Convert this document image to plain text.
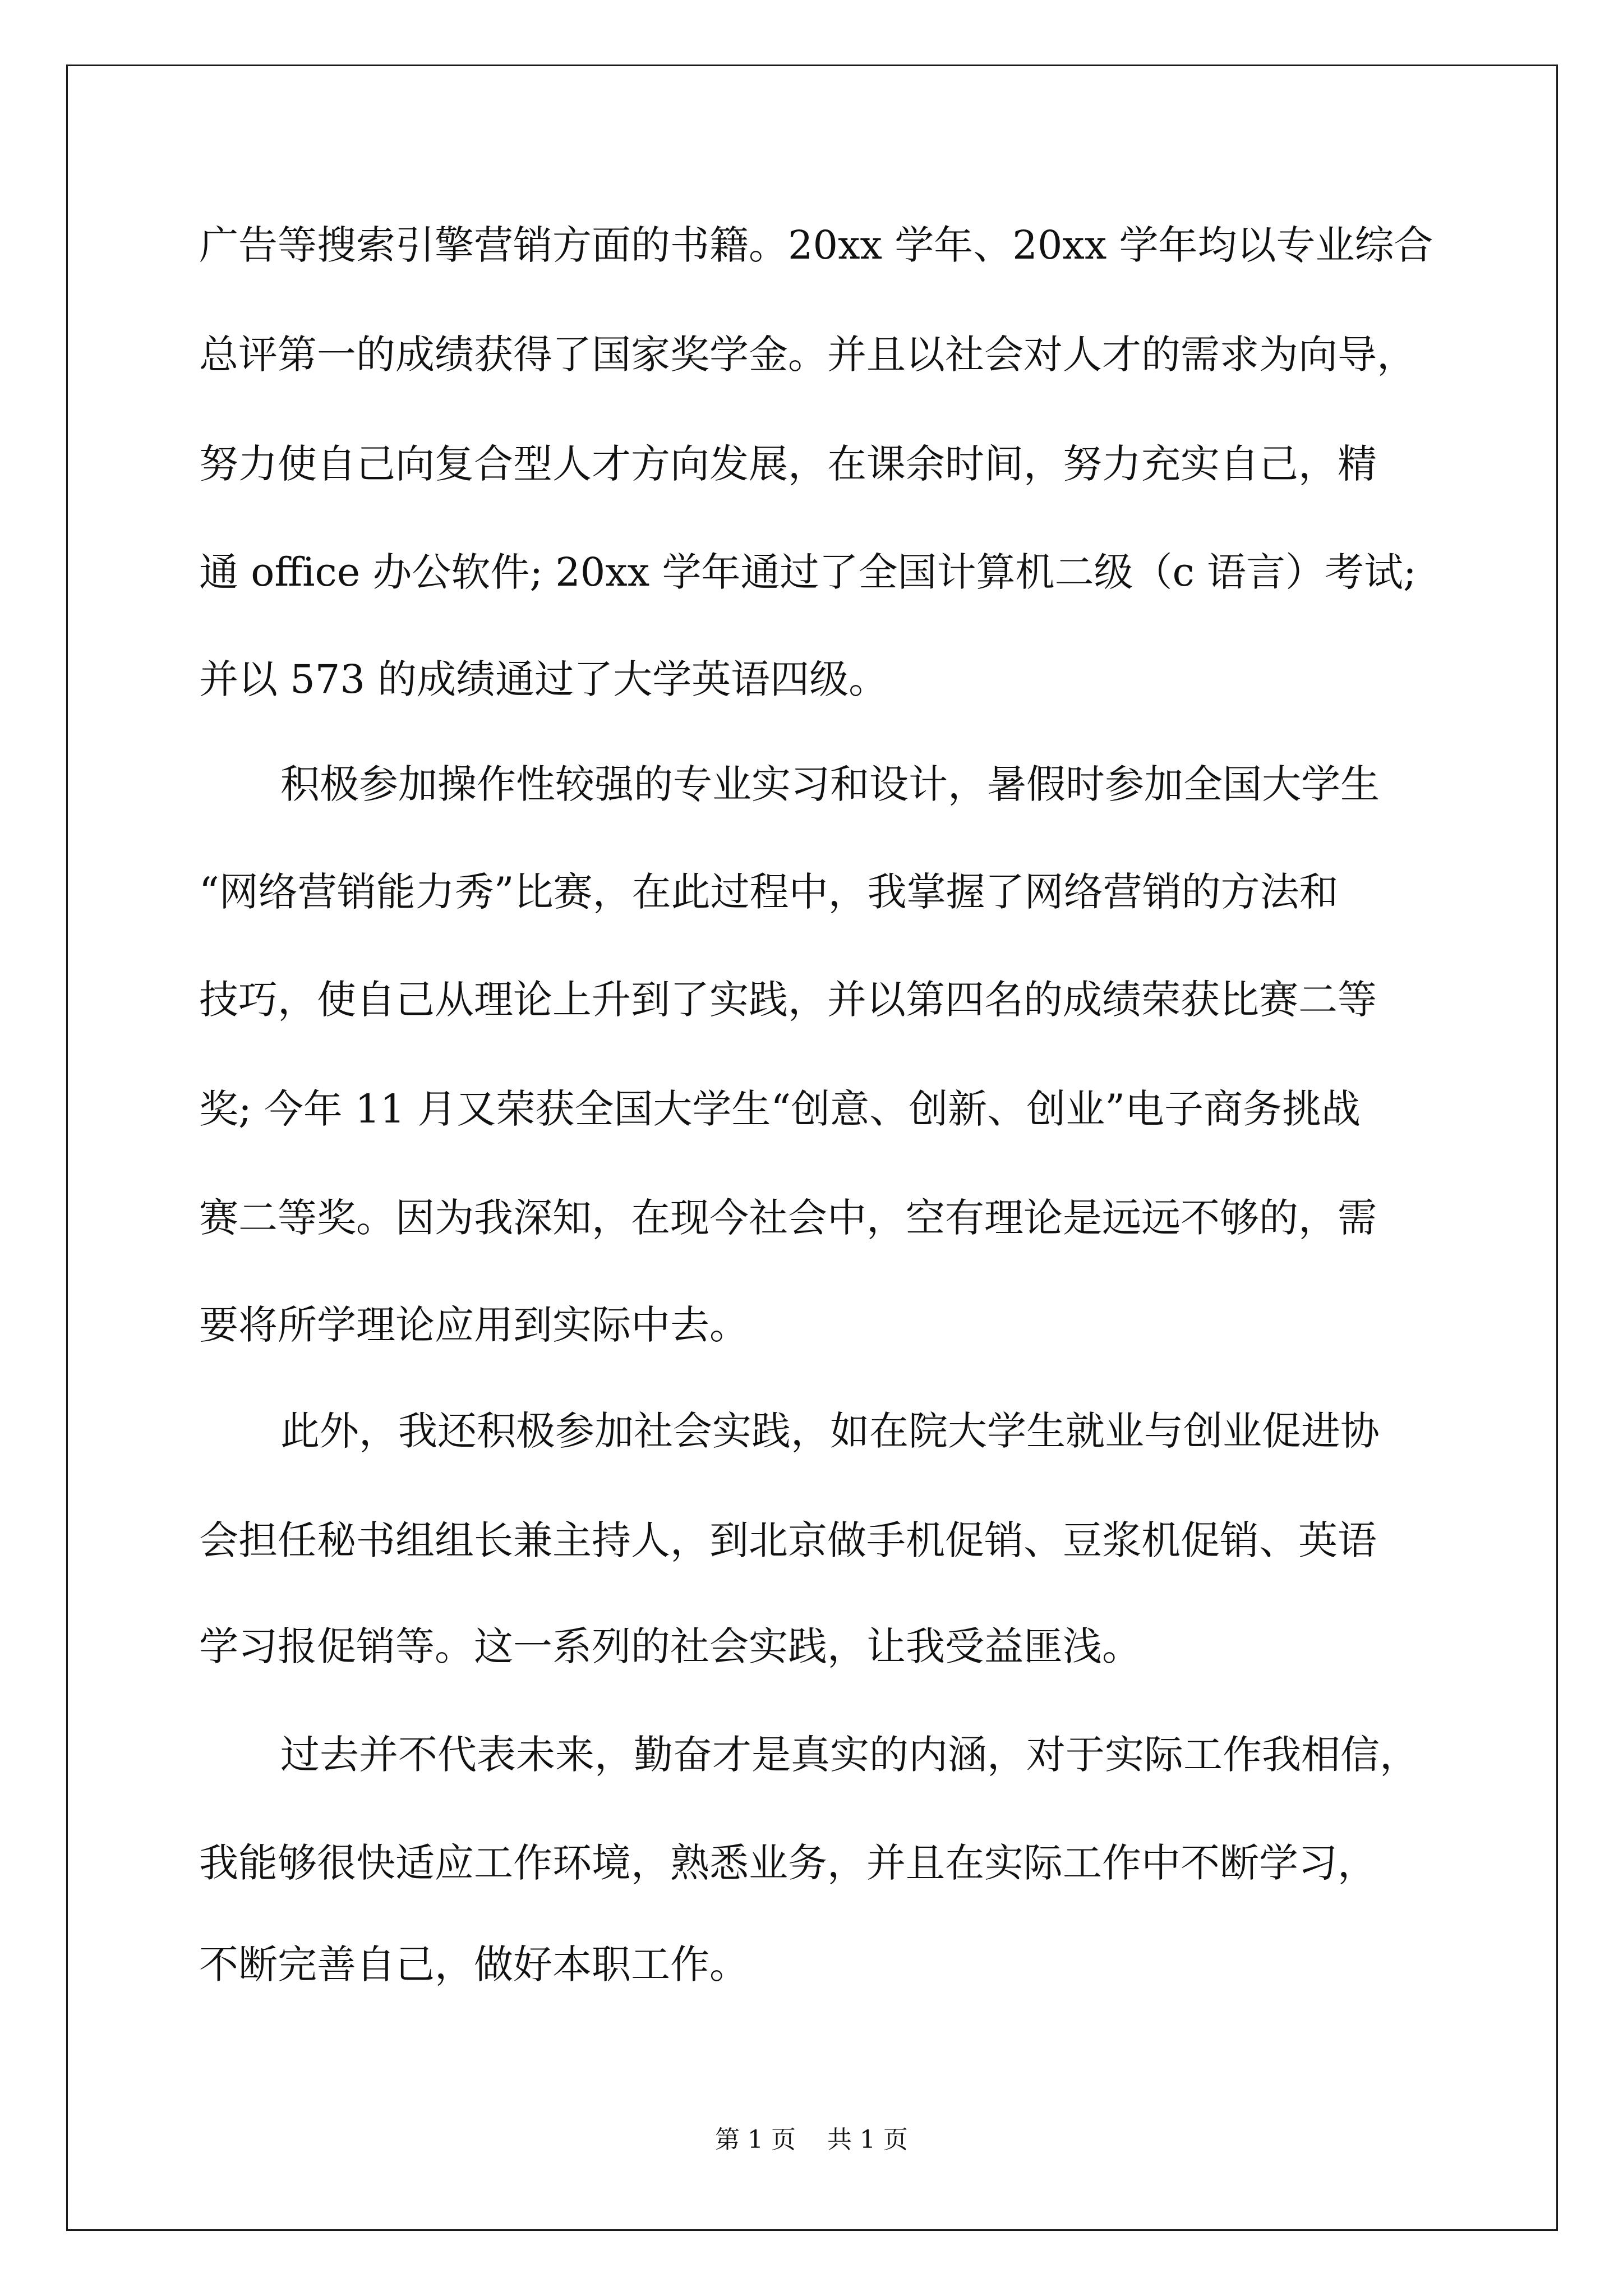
广告等搜索引擎营销方面的书籍。20xx 学年、20xx 学年均以专业综合

总评第一的成绩获得了国家奖学金。并且以社会对人才的需求为向导，

努力使自己向复合型人才方向发展，在课余时间，努力充实自己，精

通 office 办公软件; 20xx 学年通过了全国计算机二级（c 语言）考试;

并以 573 的成绩通过了大学英语四级。

积极参加操作性较强的专业实习和设计，暑假时参加全国大学生

“网络营销能力秀”比赛，在此过程中，我掌握了网络营销的方法和

技巧，使自己从理论上升到了实践，并以第四名的成绩荣获比赛二等

奖; 今年 11 月又荣获全国大学生“创意、创新、创业”电子商务挑战

赛二等奖。因为我深知，在现今社会中，空有理论是远远不够的，需

要将所学理论应用到实际中去。

此外，我还积极参加社会实践，如在院大学生就业与创业促进协

会担任秘书组组长兼主持人，到北京做手机促销、豆浆机促销、英语

学习报促销等。这一系列的社会实践，让我受益匪浅。

过去并不代表未来，勤奋才是真实的内涵，对于实际工作我相信，

我能够很快适应工作环境，熟悉业务，并且在实际工作中不断学习，

不断完善自己，做好本职工作。

第 1 页    共 1 页
